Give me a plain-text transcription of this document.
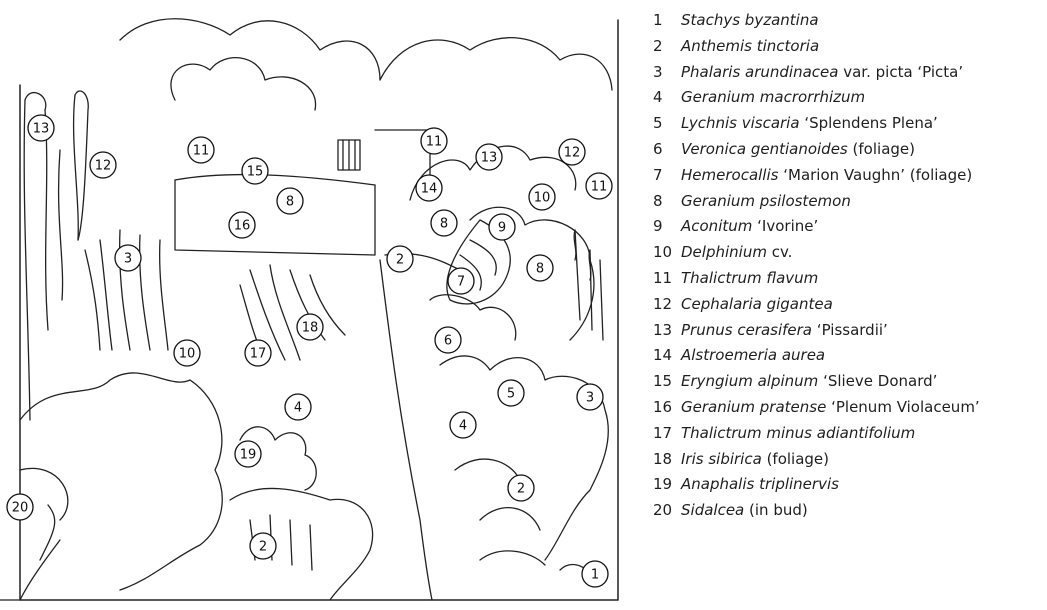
13
12
11
15
8
16
3
10	17
18
4
19
20
2
11
13	12
10
11
14
8	9
2
7
8
6
5	3
4
2
1
1 Stachys byzantina
2 Anthemis tinctoria
3 Phalaris arundinacea var. picta ‘Picta’
4 Geranium macrorrhizum
5 Lychnis viscaria ‘Splendens Plena’
6 Veronica gentianoides (foliage)
7 Hemerocallis ‘Marion Vaughn’ (foliage)
8 Geranium psilostemon
9 Aconitum ‘Ivorine’
10 Delphinium cv.
11 Thalictrum flavum
12 Cephalaria gigantea
13 Prunus cerasifera ‘Pissardii’
14 Alstroemeria aurea
15 Eryngium alpinum ‘Slieve Donard’
16 Geranium pratense ‘Plenum Violaceum’
17 Thalictrum minus adiantifolium
18 Iris sibirica (foliage)
19 Anaphalis triplinervis
20 Sidalcea (in bud)
